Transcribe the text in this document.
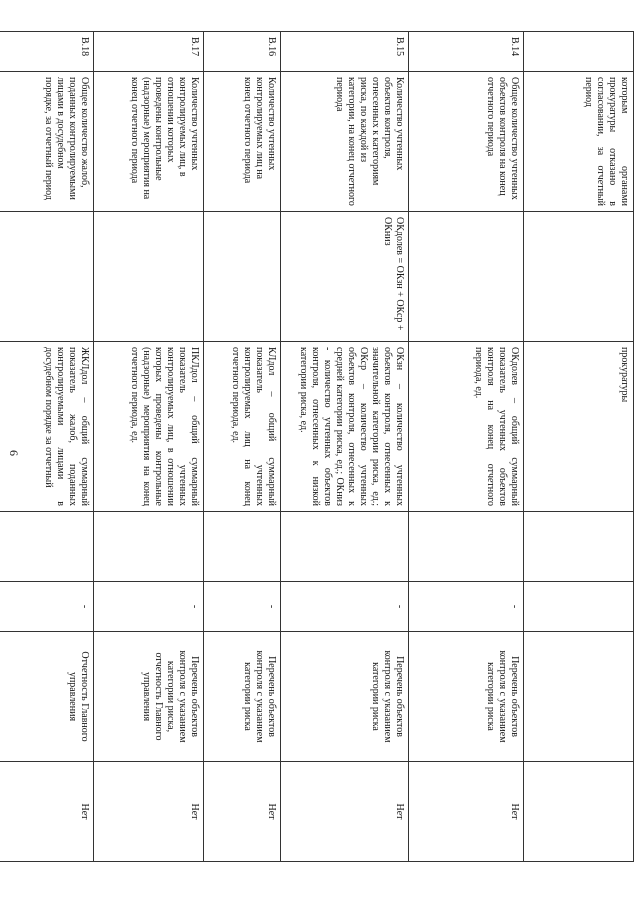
6
	которым органами прокуратуры отказано в согласовании, за отчетный период		прокуратуры				
В.14	Общее количество учтенных объектов контроля на конец отчетного периода		ОКдолев – общий суммарный показатель учтенных объектов контроля на конец отчетного периода, ед.		-	Перечень объектов контроля с указанием категории риска	Нет
В.15	Количество учтенных объектов контроля, отнесенных к категориям риска, по каждой из категории, на конец отчетного периода	ОКдолев = ОКзн + ОКср + ОКниз	ОКзн – количество учтенных объектов контроля, отнесенных к значительной категории риска, ед.; ОКср – количество учтенных объектов контроля, отнесенных к средней категории риска, ед.; ОКниз - количество учтенных объектов контроля, отнесенных к низкой категории риска, ед.		-	Перечень объектов контроля с указанием категории риска	Нет
В.16	Количество учтенных контролируемых лиц на конец отчетного периода		КЛдол – общий суммарный показатель учтенных контролируемых лиц на конец отчетного периода, ед.		-	Перечень объектов контроля с указанием категории риска	Нет
В.17	Количество учтенных контролируемых лиц, в отношении которых проведены контрольные (надзорные) мероприятия на конец отчетного периода		ПКЛдол – общий суммарный показатель учтенных контролируемых лиц, в отношении которых проведены контрольные (надзорные) мероприятия на конец отчетного периода, ед.		-	Перечень объектов контроля с указанием категории риска, отчетность Главного управления	Нет
В.18	Общее количество жалоб, поданных контролируемыми лицами в досудебном порядке, за отчетный период		ЖКЛдол – общий суммарный показатель жалоб, поданных контролируемыми лицами в досудебном порядке за отчетный		-	Отчетность Главного управления	Нет
